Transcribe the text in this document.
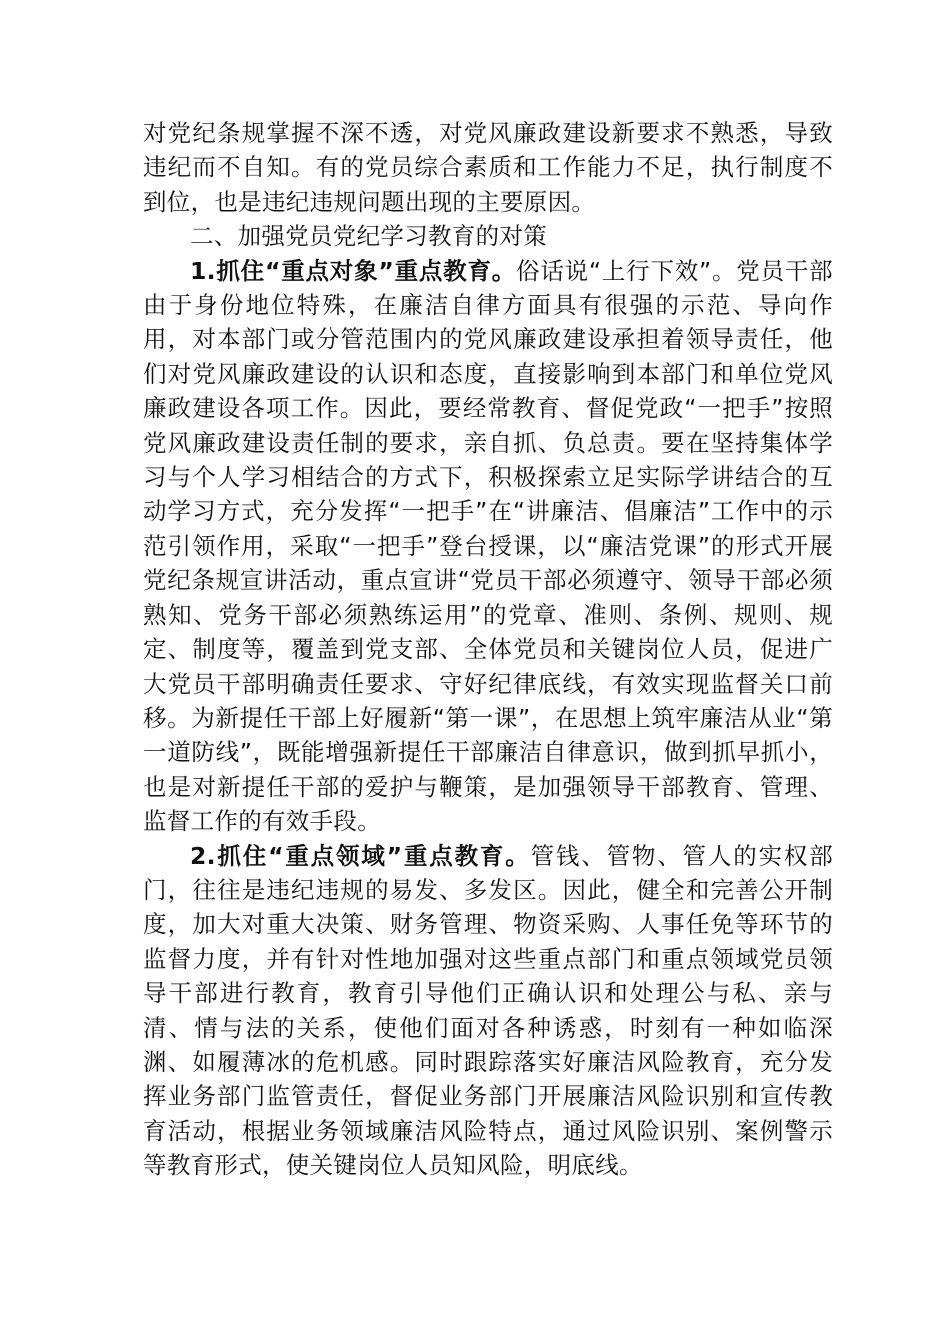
对党纪条规掌握不深不透，对党风廉政建设新要求不熟悉，导致违纪而不自知。有的党员综合素质和工作能力不足，执行制度不到位，也是违纪违规问题出现的主要原因。

二、加强党员党纪学习教育的对策

1.抓住“重点对象”重点教育。俗话说“上行下效”。党员干部由于身份地位特殊，在廉洁自律方面具有很强的示范、导向作用，对本部门或分管范围内的党风廉政建设承担着领导责任，他们对党风廉政建设的认识和态度，直接影响到本部门和单位党风廉政建设各项工作。因此，要经常教育、督促党政“一把手”按照党风廉政建设责任制的要求，亲自抓、负总责。要在坚持集体学习与个人学习相结合的方式下，积极探索立足实际学讲结合的互动学习方式，充分发挥“一把手”在“讲廉洁、倡廉洁”工作中的示范引领作用，采取“一把手”登台授课，以“廉洁党课”的形式开展党纪条规宣讲活动，重点宣讲“党员干部必须遵守、领导干部必须熟知、党务干部必须熟练运用”的党章、准则、条例、规则、规定、制度等，覆盖到党支部、全体党员和关键岗位人员，促进广大党员干部明确责任要求、守好纪律底线，有效实现监督关口前移。为新提任干部上好履新“第一课”，在思想上筑牢廉洁从业“第一道防线”，既能增强新提任干部廉洁自律意识，做到抓早抓小，也是对新提任干部的爱护与鞭策，是加强领导干部教育、管理、监督工作的有效手段。

2.抓住“重点领域”重点教育。管钱、管物、管人的实权部门，往往是违纪违规的易发、多发区。因此，健全和完善公开制度，加大对重大决策、财务管理、物资采购、人事任免等环节的监督力度，并有针对性地加强对这些重点部门和重点领域党员领导干部进行教育，教育引导他们正确认识和处理公与私、亲与清、情与法的关系，使他们面对各种诱惑，时刻有一种如临深渊、如履薄冰的危机感。同时跟踪落实好廉洁风险教育，充分发挥业务部门监管责任，督促业务部门开展廉洁风险识别和宣传教育活动，根据业务领域廉洁风险特点，通过风险识别、案例警示等教育形式，使关键岗位人员知风险，明底线。
